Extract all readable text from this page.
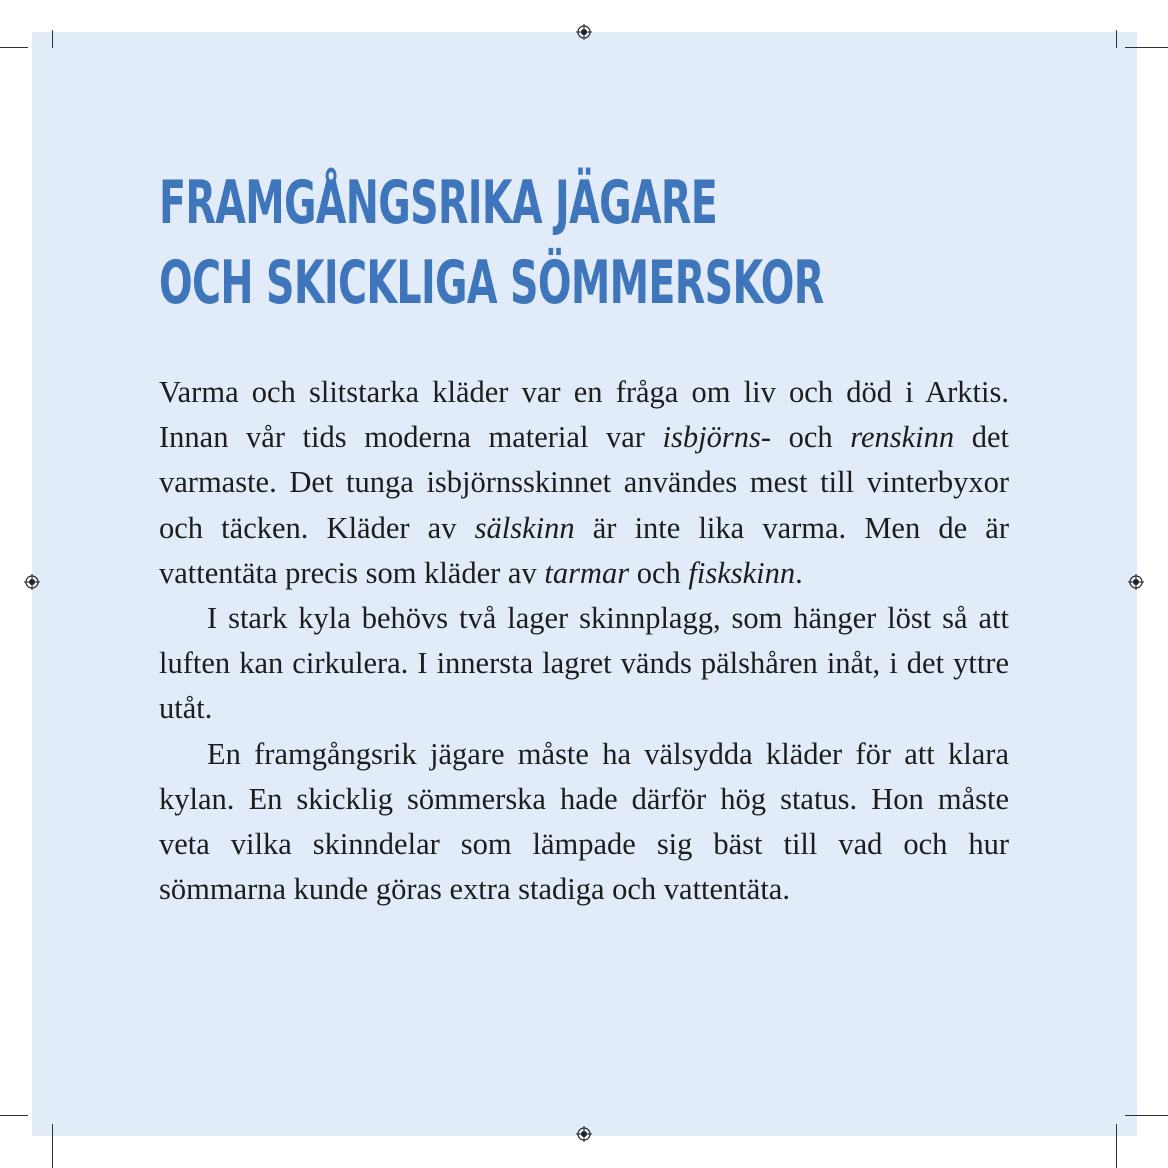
FRAMGÅNGSRIKA JÄGARE
OCH SKICKLIGA SÖMMERSKOR

Varma och slitstarka kläder var en fråga om liv och död i Arktis. Innan vår tids moderna material var isbjörns- och renskinn det varmaste. Det tunga isbjörnsskinnet användes mest till vinterbyxor och täcken. Kläder av sälskinn är inte lika varma. Men de är vattentäta precis som kläder av tarmar och fiskskinn.

I stark kyla behövs två lager skinnplagg, som hänger löst så att luften kan cirkulera. I innersta lagret vänds pälshåren inåt, i det yttre utåt.

En framgångsrik jägare måste ha välsydda kläder för att klara kylan. En skicklig sömmerska hade därför hög status. Hon måste veta vilka skinndelar som lämpade sig bäst till vad och hur sömmarna kunde göras extra stadiga och vattentäta.
